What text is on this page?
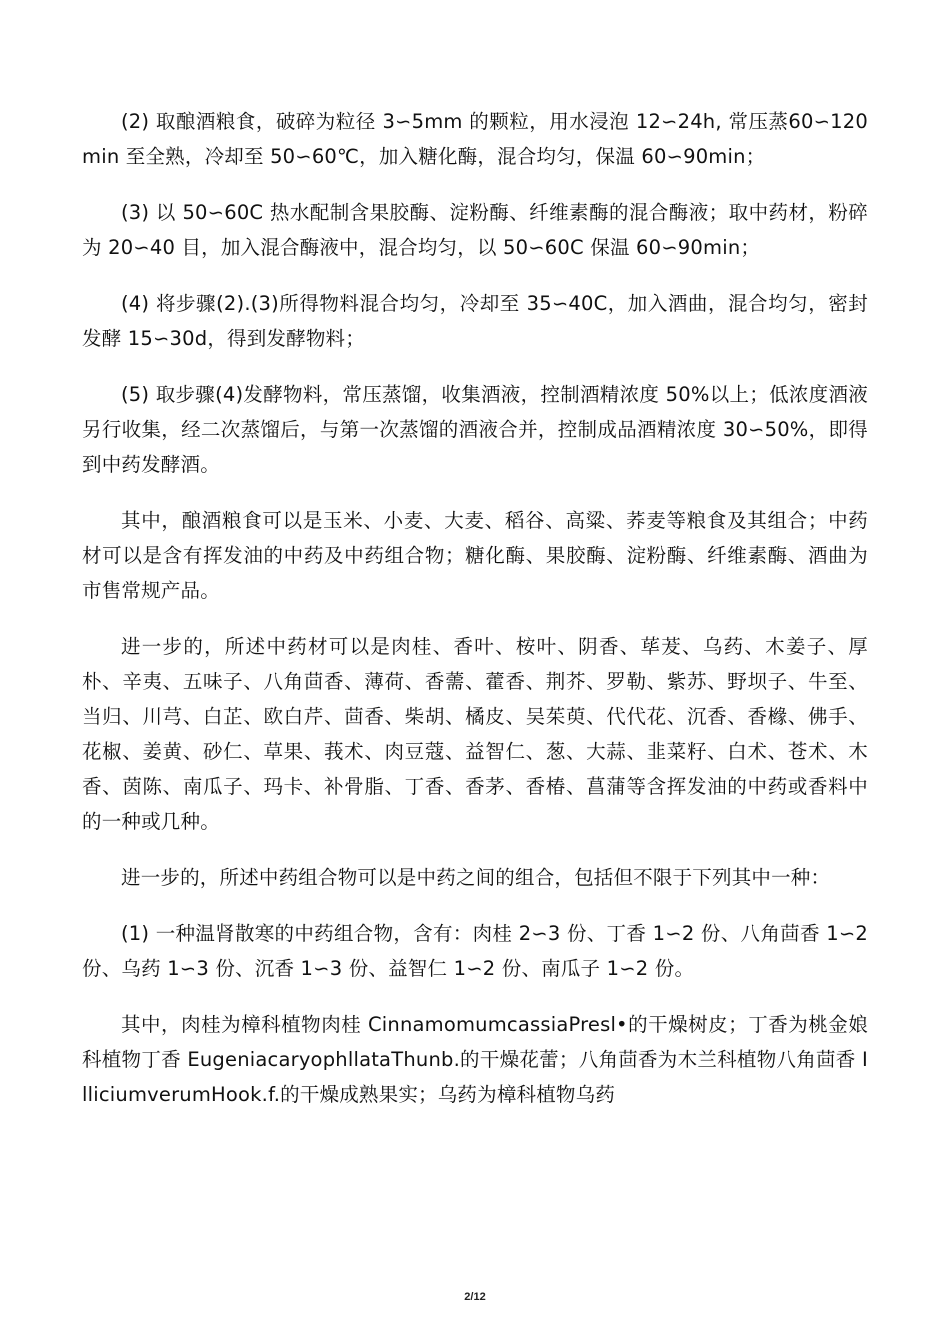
(2) 取酿酒粮食，破碎为粒径 3∽5mm 的颗粒，用水浸泡 12∽24h, 常压蒸60∽120min 至全熟，冷却至 50∽60℃，加入糖化酶，混合均匀，保温 60∽90min；

(3) 以 50∽60C 热水配制含果胶酶、淀粉酶、纤维素酶的混合酶液；取中药材，粉碎为 20∽40 目，加入混合酶液中，混合均匀，以 50∽60C 保温 60∽90min；

(4) 将步骤(2).(3)所得物料混合均匀，冷却至 35∽40C，加入酒曲，混合均匀，密封发酵 15∽30d，得到发酵物料；

(5) 取步骤(4)发酵物料，常压蒸馏，收集酒液，控制酒精浓度 50%以上；低浓度酒液另行收集，经二次蒸馏后，与第一次蒸馏的酒液合并，控制成品酒精浓度 30∽50%，即得到中药发酵酒。

其中，酿酒粮食可以是玉米、小麦、大麦、稻谷、高粱、荞麦等粮食及其组合；中药材可以是含有挥发油的中药及中药组合物；糖化酶、果胶酶、淀粉酶、纤维素酶、酒曲为市售常规产品。

进一步的，所述中药材可以是肉桂、香叶、桉叶、阴香、荜茇、乌药、木姜子、厚朴、辛夷、五味子、八角茴香、薄荷、香薷、藿香、荆芥、罗勒、紫苏、野坝子、牛至、当归、川芎、白芷、欧白芹、茴香、柴胡、橘皮、吴茱萸、代代花、沉香、香橼、佛手、花椒、姜黄、砂仁、草果、莪术、肉豆蔻、益智仁、葱、大蒜、韭菜籽、白术、苍术、木香、茵陈、南瓜子、玛卡、补骨脂、丁香、香茅、香椿、菖蒲等含挥发油的中药或香料中的一种或几种。

进一步的，所述中药组合物可以是中药之间的组合，包括但不限于下列其中一种：

(1) 一种温肾散寒的中药组合物，含有：肉桂 2∽3 份、丁香 1∽2 份、八角茴香 1∽2 份、乌药 1∽3 份、沉香 1∽3 份、益智仁 1∽2 份、南瓜子 1∽2 份。

其中，肉桂为樟科植物肉桂 CinnamomumcassiaPresl•的干燥树皮；丁香为桃金娘科植物丁香 EugeniacaryophllataThunb.的干燥花蕾；八角茴香为木兰科植物八角茴香 IlliciumverumHook.f.的干燥成熟果实；乌药为樟科植物乌药

2/12
